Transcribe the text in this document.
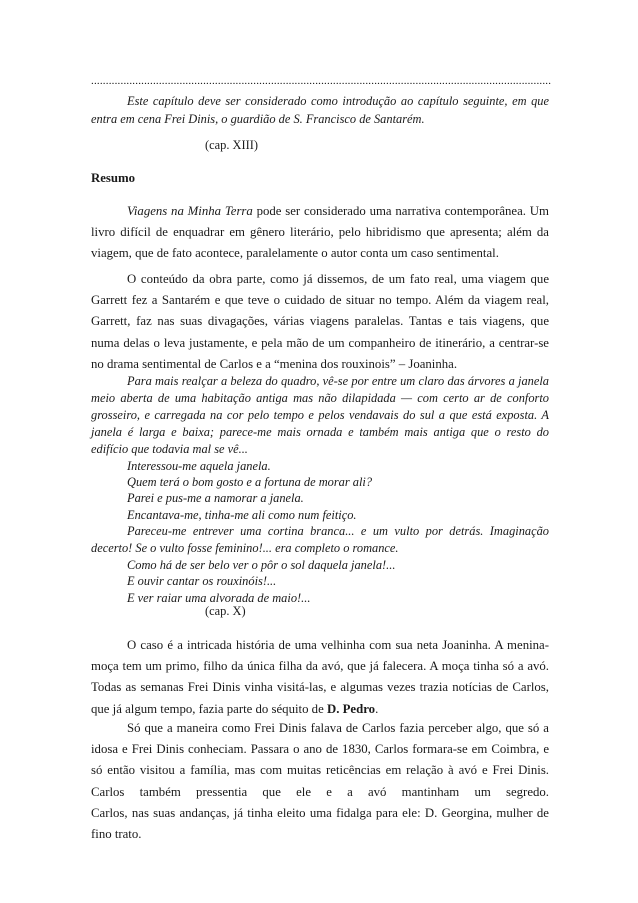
............................................................................................................................................................
Este capítulo deve ser considerado como introdução ao capítulo seguinte, em que entra em cena Frei Dinis, o guardião de S. Francisco de Santarém.
(cap. XIII)
Resumo

Viagens na Minha Terra pode ser considerado uma narrativa contemporânea. Um livro difícil de enquadrar em gênero literário, pelo hibridismo que apresenta; além da viagem, que de fato acontece, paralelamente o autor conta um caso sentimental.

O conteúdo da obra parte, como já dissemos, de um fato real, uma viagem que Garrett fez a Santarém e que teve o cuidado de situar no tempo. Além da viagem real, Garrett, faz nas suas divagações, várias viagens paralelas. Tantas e tais viagens, que numa delas o leva justamente, e pela mão de um companheiro de itinerário, a centrar-se no drama sentimental de Carlos e a “menina dos rouxinois” – Joaninha.

Para mais realçar a beleza do quadro, vê-se por entre um claro das árvores a janela meio aberta de uma habitação antiga mas não dilapidada — com certo ar de conforto grosseiro, e carregada na cor pelo tempo e pelos vendavais do sul a que está exposta. A janela é larga e baixa; parece-me mais ornada e também mais antiga que o resto do edifício que todavia mal se vê...
Interessou-me aquela janela.
Quem terá o bom gosto e a fortuna de morar ali?
Parei e pus-me a namorar a janela.
Encantava-me, tinha-me ali como num feitiço.
Pareceu-me entrever uma cortina branca... e um vulto por detrás. Imaginação decerto! Se o vulto fosse feminino!... era completo o romance.
Como há de ser belo ver o pôr o sol daquela janela!...
E ouvir cantar os rouxinóis!...
E ver raiar uma alvorada de maio!...
(cap. X)

O caso é a intricada história de uma velhinha com sua neta Joaninha. A menina-moça tem um primo, filho da única filha da avó, que já falecera. A moça tinha só a avó. Todas as semanas Frei Dinis vinha visitá-las, e algumas vezes trazia notícias de Carlos, que já algum tempo, fazia parte do séquito de D. Pedro.

Só que a maneira como Frei Dinis falava de Carlos fazia perceber algo, que só a idosa e Frei Dinis conheciam. Passara o ano de 1830, Carlos formara-se em Coimbra, e só então visitou a família, mas com muitas reticências em relação à avó e Frei Dinis.

Carlos também pressentia que ele e a avó mantinham um segredo.
Carlos, nas suas andanças, já tinha eleito uma fidalga para ele: D. Georgina, mulher de fino trato.
